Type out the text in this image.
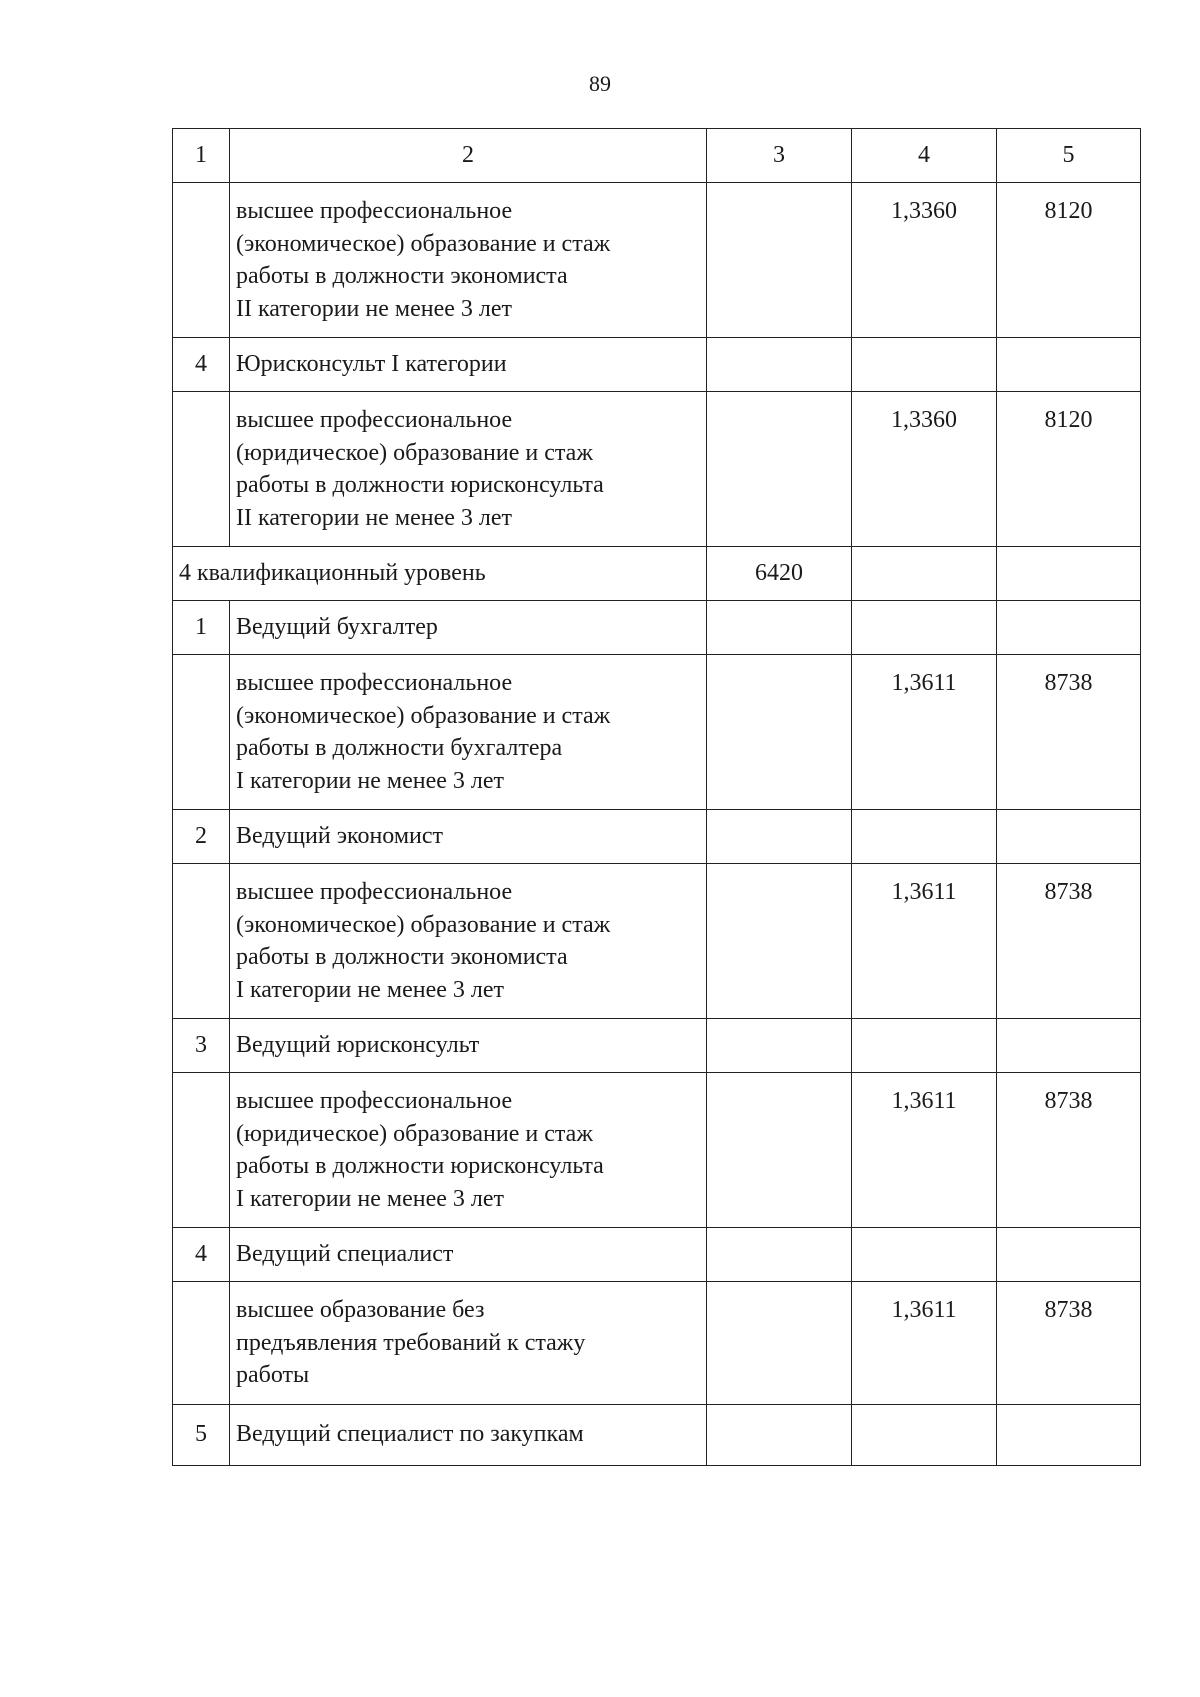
89
1	2	3	4	5

	высшее профессиональное
(экономическое) образование и стаж
работы в должности экономиста
II категории не менее 3 лет		1,3360	8120
4	Юрисконсульт I категории			

	высшее профессиональное
(юридическое) образование и стаж
работы в должности юрисконсульта
II категории не менее 3 лет		1,3360	8120
4 квалификационный уровень		6420		
1	Ведущий бухгалтер			

	высшее профессиональное
(экономическое) образование и стаж
работы в должности бухгалтера
I категории не менее 3 лет		1,3611	8738
2	Ведущий экономист			

	высшее профессиональное
(экономическое) образование и стаж
работы в должности экономиста
I категории не менее 3 лет		1,3611	8738
3	Ведущий юрисконсульт			

	высшее профессиональное
(юридическое) образование и стаж
работы в должности юрисконсульта
I категории не менее 3 лет		1,3611	8738
4	Ведущий специалист			

	высшее образование без
предъявления требований к стажу
работы		1,3611	8738
5	Ведущий специалист по закупкам			
